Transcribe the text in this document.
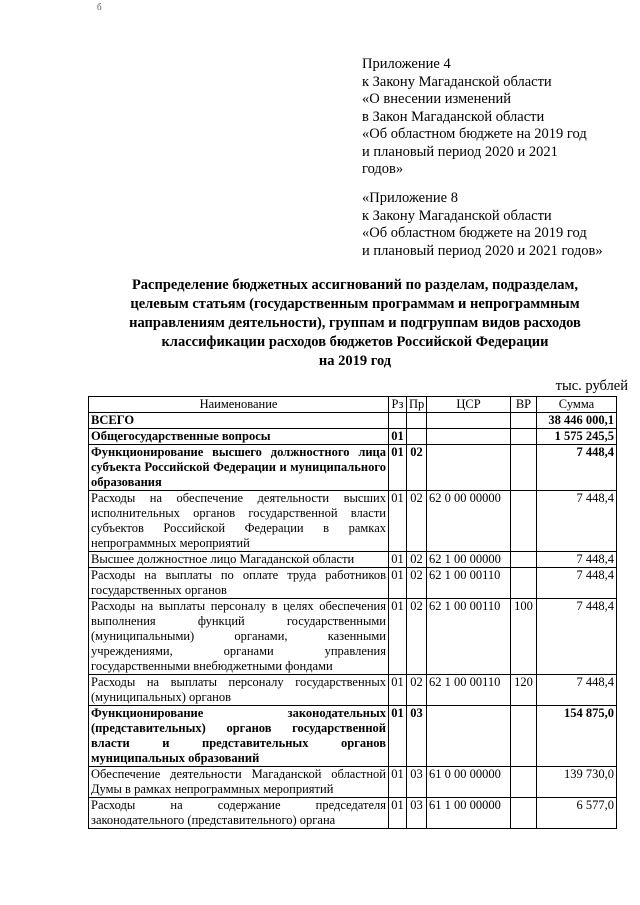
б
Приложение 4
к Закону Магаданской области
«О внесении изменений
в Закон Магаданской области
«Об областном бюджете на 2019 год
и плановый период 2020 и 2021
годов»
«Приложение 8
к Закону Магаданской области
«Об областном бюджете на 2019 год
и плановый период 2020 и 2021 годов»
Распределение бюджетных ассигнований по разделам, подразделам,
целевым статьям (государственным программам и непрограммным
направлениям деятельности), группам и подгруппам видов расходов
классификации расходов бюджетов Российской Федерации
на 2019 год
тыс. рублей
Наименование	Рз	Пр	ЦСР	ВР	Сумма
ВСЕГО					38 446 000,1
Общегосударственные вопросы	01				1 575 245,5
Функционирование высшего должностного лица субъекта Российской Федерации и муниципального образования	01	02			7 448,4
Расходы на обеспечение деятельности высших исполнительных органов государственной власти субъектов Российской Федерации в рамках непрограммных мероприятий	01	02	62 0 00 00000		7 448,4
Высшее должностное лицо Магаданской области	01	02	62 1 00 00000		7 448,4
Расходы на выплаты по оплате труда работников государственных органов	01	02	62 1 00 00110		7 448,4
Расходы на выплаты персоналу в целях обеспечения выполнения функций государственными (муниципальными) органами, казенными учреждениями, органами управления государственными внебюджетными фондами	01	02	62 1 00 00110	100	7 448,4
Расходы на выплаты персоналу государственных (муниципальных) органов	01	02	62 1 00 00110	120	7 448,4
Функционирование законодательных (представительных) органов государственной власти и представительных органов муниципальных образований	01	03			154 875,0
Обеспечение деятельности Магаданской областной Думы в рамках непрограммных мероприятий	01	03	61 0 00 00000		139 730,0
Расходы на содержание председателя законодательного (представительного) органа	01	03	61 1 00 00000		6 577,0
